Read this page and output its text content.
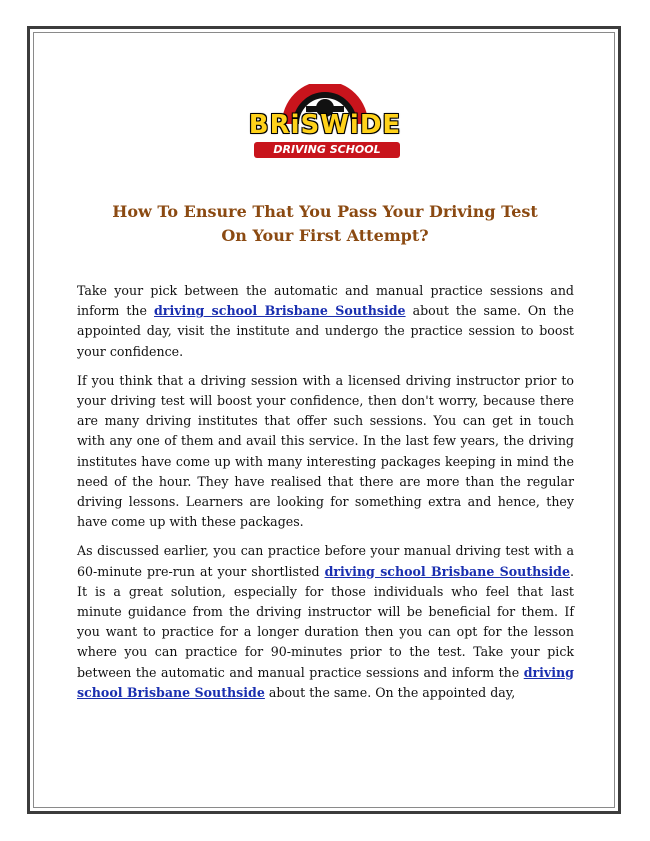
BRiSWiDE
DRIVING SCHOOL
How To Ensure That You Pass Your Driving Test
On Your First Attempt?

Take your pick between the automatic and manual practice sessions and inform the driving school Brisbane Southside about the same. On the appointed day, visit the institute and undergo the practice session to boost your confidence.

If you think that a driving session with a licensed driving instructor prior to your driving test will boost your confidence, then don't worry, because there are many driving institutes that offer such sessions. You can get in touch with any one of them and avail this service. In the last few years, the driving institutes have come up with many interesting packages keeping in mind the need of the hour. They have realised that there are more than the regular driving lessons. Learners are looking for something extra and hence, they have come up with these packages.

As discussed earlier, you can practice before your manual driving test with a 60-minute pre-run at your shortlisted driving school Brisbane Southside. It is a great solution, especially for those individuals who feel that last minute guidance from the driving instructor will be beneficial for them. If you want to practice for a longer duration then you can opt for the lesson where you can practice for 90-minutes prior to the test. Take your pick between the automatic and manual practice sessions and inform the driving school Brisbane Southside about the same. On the appointed day,
